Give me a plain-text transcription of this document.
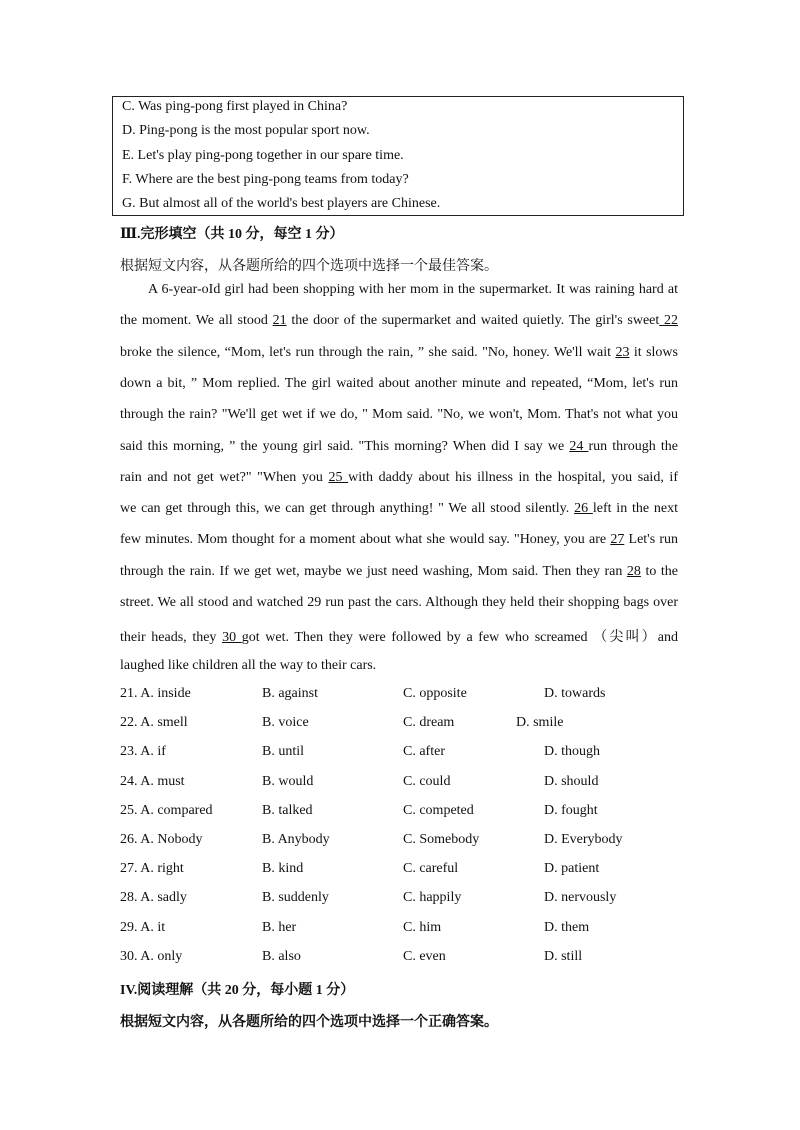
C. Was ping-pong first played in China?
D. Ping-pong is the most popular sport now.
E. Let's play ping-pong together in our spare time.
F. Where are the best ping-pong teams from today?
G. But almost all of the world's best players are Chinese.
Ⅲ.完形填空（共 10 分，每空 1 分）
根据短文内容，从各题所给的四个选项中选择一个最佳答案。
A 6-year-oId girl had been shopping with her mom in the supermarket. It was raining hard at
the moment. We all stood 21 the door of the supermarket and waited quietly. The girl's sweet 22
broke the silence, “Mom, let's run through the rain, ” she said. "No, honey. We'll wait 23 it slows
down a bit, ” Mom replied. The girl waited about another minute and repeated, “Mom, let's run
through the rain? "We'll get wet if we do, " Mom said. "No, we won't, Mom. That's not what you
said this morning, ” the young girl said. "This morning? When did I say we 24 run through the
rain and not get wet?" "When you 25 with daddy about his illness in the hospital, you said, if
we can get through this, we can get through anything! " We all stood silently. 26 left in the next
few minutes. Mom thought for a moment about what she would say. "Honey, you are 27 Let's run
through the rain. If we get wet, maybe we just need washing, Mom said. Then they ran 28 to the
street. We all stood and watched 29 run past the cars. Although they held their shopping bags over
their heads, they 30 got wet. Then they were followed by a few who screamed （尖叫）and
laughed like children all the way to their cars.
21. A. inside	B. against	C. opposite	D. towards
22. A. smell	B. voice	C. dream	D. smile
23. A. if	B. until	C. after	D. though
24. A. must	B. would	C. could	D. should
25. A. compared	B. talked	C. competed	D. fought
26. A. Nobody	B. Anybody	C. Somebody	D. Everybody
27. A. right	B. kind	C. careful	D. patient
28. A. sadly	B. suddenly	C. happily	D. nervously
29. A. it	B. her	C. him	D. them
30. A. only	B. also	C. even	D. still
IV.阅读理解（共 20 分，每小题 1 分）
根据短文内容，从各题所给的四个选项中选择一个正确答案。
